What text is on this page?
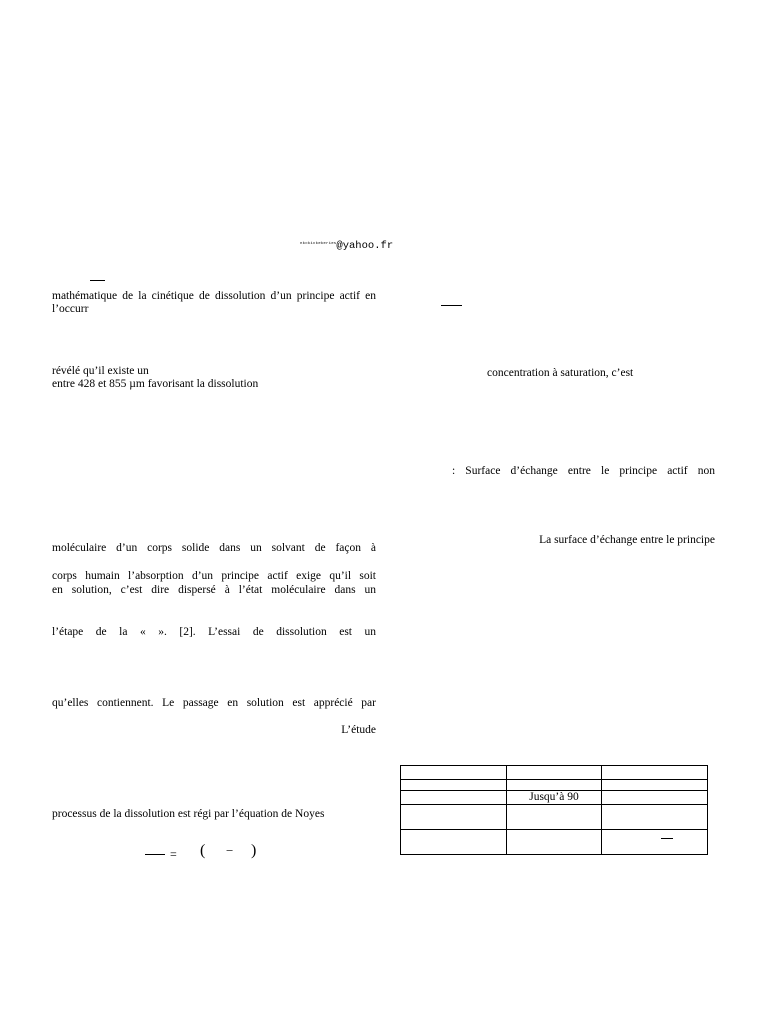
$^{nkckickekeries}$@yahoo.fr
mathématique de la cinétique de dissolution d’un principe actif en
l’occurr
révélé qu’il existe un
entre 428 et 855 µm favorisant la dissolution
moléculaire d’un corps solide dans un solvant de façon à
corps humain l’absorption d’un principe actif exige qu’il soit
en solution, c’est dire dispersé à l’état moléculaire dans un
l’étape de la « ». [2]. L’essai de dissolution est un
qu’elles contiennent. Le passage en solution est apprécié par
L’étude
processus de la dissolution est régi par l’équation de Noyes
= ( − )
concentration à saturation, c’est
: Surface d’échange entre le principe actif non
La surface d’échange entre le principe

	Jusqu’à 90	
